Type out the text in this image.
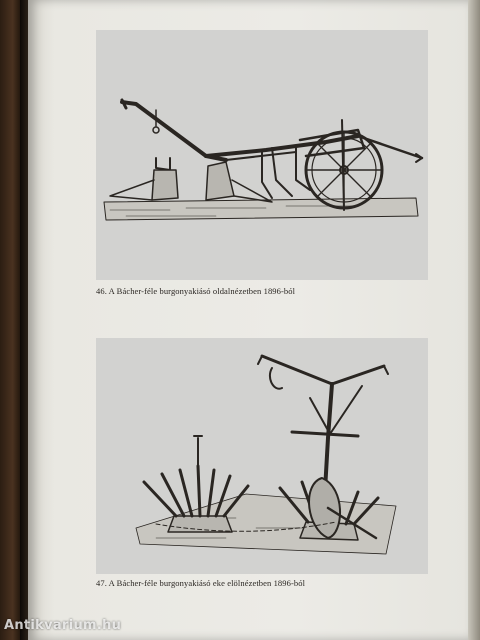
46. A Bácher-féle burgonyakiásó oldalnézetben 1896-ból
47. A Bácher-féle burgonyakiásó eke elölnézetben 1896-ból
Antikvarium.hu
